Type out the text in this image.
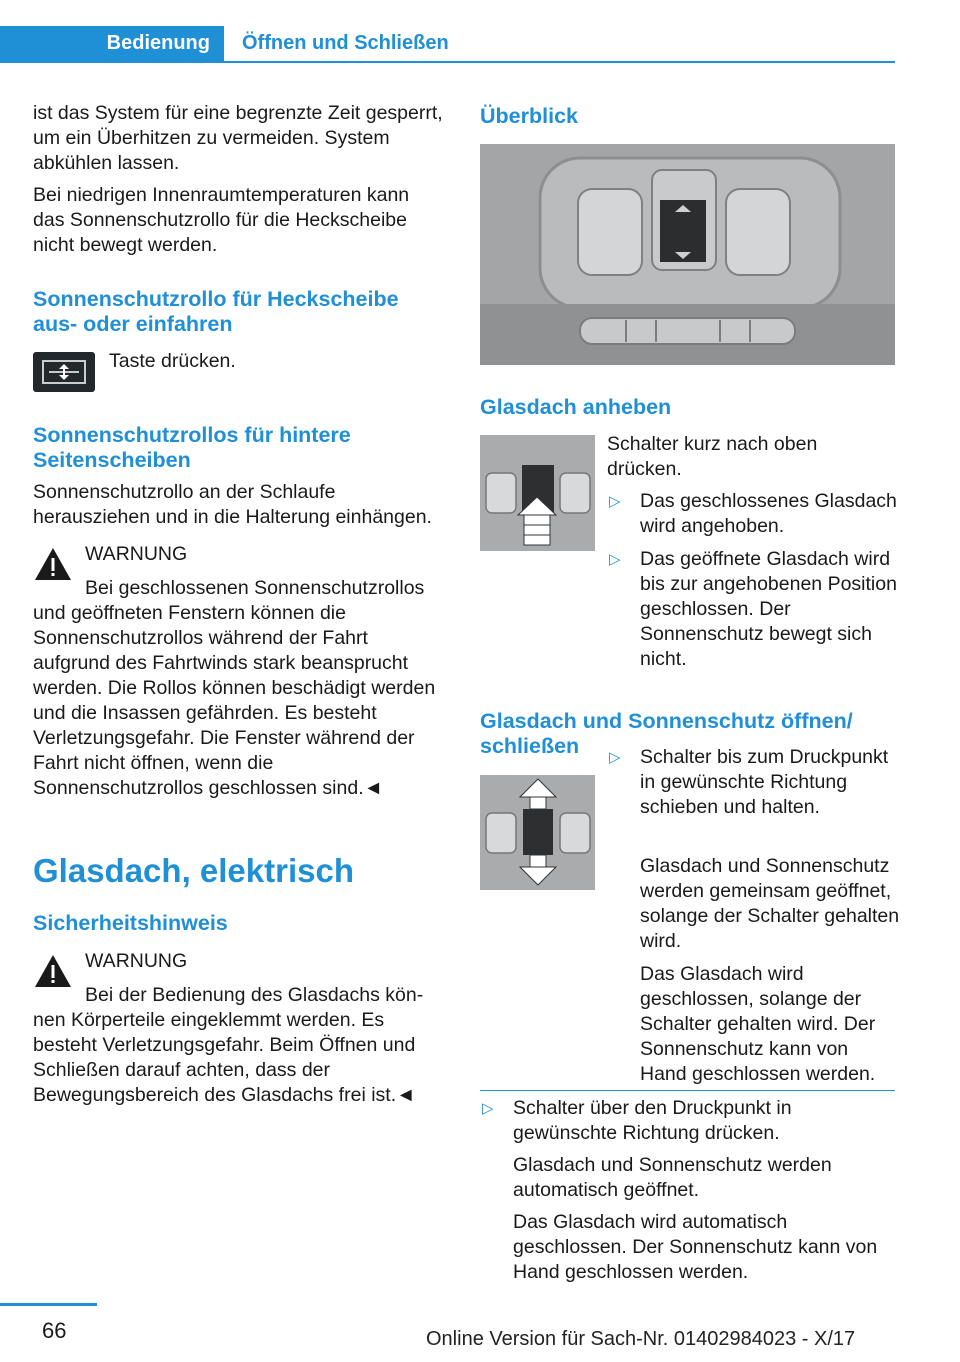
Bedienung	Öffnen und Schließen

ist das System für eine begrenzte Zeit gesperrt, um ein Überhitzen zu vermeiden. System abkühlen lassen.

Bei niedrigen Innenraumtemperaturen kann das Sonnenschutzrollo für die Heckscheibe nicht bewegt werden.

Sonnenschutzrollo für Heckscheibe aus- oder einfahren
Taste drücken.
Sonnenschutzrollos für hintere Seitenscheiben

Sonnenschutzrollo an der Schlaufe herausziehen und in die Halterung einhängen.

WARNUNG
Bei geschlossenen Sonnenschutzrollos
und geöffneten Fenstern können die Sonnenschutzrollos während der Fahrt aufgrund des Fahrtwinds stark beansprucht werden. Die Rollos können beschädigt werden und die Insassen gefährden. Es besteht Verletzungsgefahr. Die Fenster während der Fahrt nicht öffnen, wenn die Sonnenschutzrollos geschlossen sind.◄
Glasdach, elektrisch
Sicherheitshinweis
WARNUNG
Bei der Bedienung des Glasdachs kön-
nen Körperteile eingeklemmt werden. Es besteht Verletzungsgefahr. Beim Öffnen und Schließen darauf achten, dass der Bewegungsbereich des Glasdachs frei ist.◄
Überblick
Glasdach anheben
Schalter kurz nach oben drücken.
▷ Das geschlossenes Glasdach wird angehoben.
▷ Das geöffnete Glasdach wird bis zur angehobenen Position geschlossen. Der Sonnenschutz bewegt sich nicht.
Glasdach und Sonnenschutz öffnen/ schließen	▷ Schalter bis zum Druckpunkt in gewünschte Richtung schieben und halten.
Glasdach und Sonnenschutz werden gemeinsam geöffnet, solange der Schalter gehalten wird.
Das Glasdach wird geschlossen, solange der Schalter gehalten wird. Der Sonnenschutz kann von Hand geschlossen werden.
▷ Schalter über den Druckpunkt in gewünschte Richtung drücken.
Glasdach und Sonnenschutz werden automatisch geöffnet.
Das Glasdach wird automatisch geschlossen. Der Sonnenschutz kann von Hand geschlossen werden.
66	Online Version für Sach-Nr. 01402984023 - X/17
